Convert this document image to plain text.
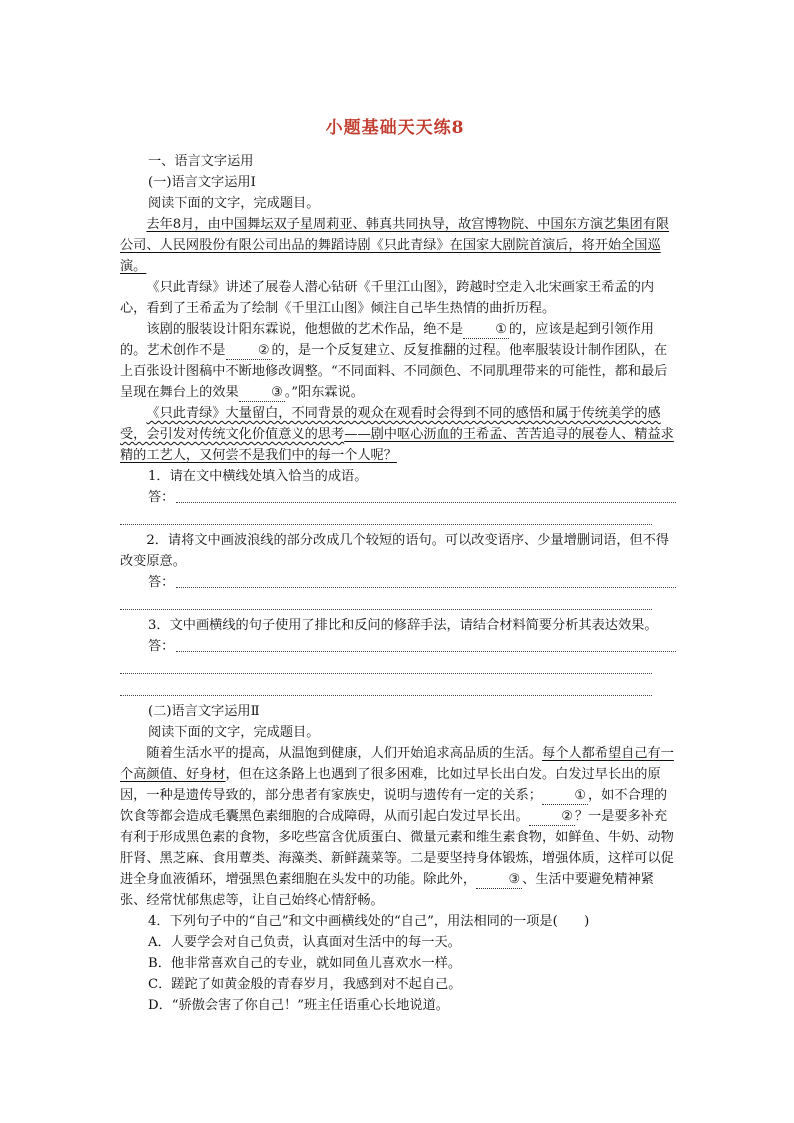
小题基础天天练8

一、语言文字运用

(一)语言文字运用Ⅰ

阅读下面的文字，完成题目。

去年8月，由中国舞坛双子星周莉亚、韩真共同执导，故宫博物院、中国东方演艺集团有限公司、人民网股份有限公司出品的舞蹈诗剧《只此青绿》在国家大剧院首演后，将开始全国巡演。

《只此青绿》讲述了展卷人潜心钻研《千里江山图》，跨越时空走入北宋画家王希孟的内心，看到了王希孟为了绘制《千里江山图》倾注自己毕生热情的曲折历程。

该剧的服装设计阳东霖说，他想做的艺术作品，绝不是 ① 的，应该是起到引领作用的。艺术创作不是 ② 的，是一个反复建立、反复推翻的过程。他率服装设计制作团队，在上百张设计图稿中不断地修改调整。“不同面料、不同颜色、不同肌理带来的可能性，都和最后呈现在舞台上的效果 ③ 。”阳东霖说。

《只此青绿》大量留白，不同背景的观众在观看时会得到不同的感悟和属于传统美学的感受，会引发对传统文化价值意义的思考——剧中呕心沥血的王希孟、苦苦追寻的展卷人、精益求精的工艺人，又何尝不是我们中的每一个人呢？

1．请在文中横线处填入恰当的成语。

答：

2．请将文中画波浪线的部分改成几个较短的语句。可以改变语序、少量增删词语，但不得改变原意。

答：

3．文中画横线的句子使用了排比和反问的修辞手法，请结合材料简要分析其表达效果。

答：

(二)语言文字运用Ⅱ

阅读下面的文字，完成题目。

随着生活水平的提高，从温饱到健康，人们开始追求高品质的生活。每个人都希望自己有一个高颜值、好身材，但在这条路上也遇到了很多困难，比如过早长出白发。白发过早长出的原因，一种是遗传导致的，部分患者有家族史，说明与遗传有一定的关系； ① ，如不合理的饮食等都会造成毛囊黑色素细胞的合成障碍，从而引起白发过早长出。 ② ？一是要多补充有利于形成黑色素的食物，多吃些富含优质蛋白、微量元素和维生素食物，如鲜鱼、牛奶、动物肝肾、黑芝麻、食用蕈类、海藻类、新鲜蔬菜等。二是要坚持身体锻炼，增强体质，这样可以促进全身血液循环，增强黑色素细胞在头发中的功能。除此外， ③ 、生活中要避免精神紧张、经常忧郁焦虑等，让自己始终心情舒畅。

4．下列句子中的“自己”和文中画横线处的“自己”，用法相同的一项是(　　)

A．人要学会对自己负责，认真面对生活中的每一天。

B．他非常喜欢自己的专业，就如同鱼儿喜欢水一样。

C．蹉跎了如黄金般的青春岁月，我感到对不起自己。

D．“骄傲会害了你自己！”班主任语重心长地说道。
